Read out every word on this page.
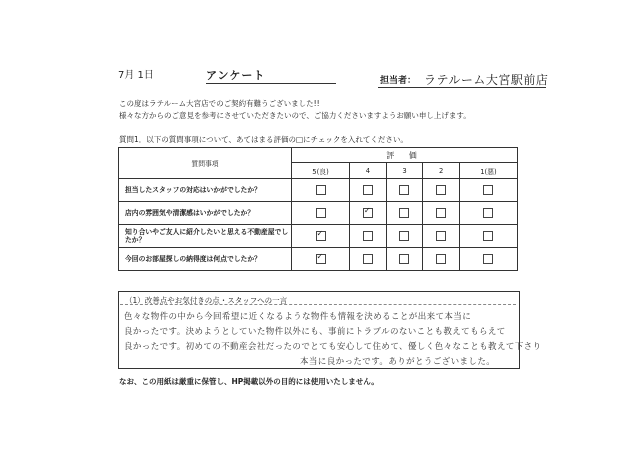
7月 1日	アンケート	担当者： ラテルーム大宮駅前店
この度はラテルーム大宮店でのご契約有難うございました!!
様々な方からのご意見を参考にさせていただきたいので、ご協力くださいますようお願い申し上げます。
質問1．以下の質問事項について、あてはまる評価の□にチェックを入れてください。
質問事項	評 価				
	5(良)	4	3	2	1(悪)
担当したスタッフの対応はいかがでしたか？					
店内の雰囲気や清潔感はいかがでしたか？		✓			
知り合いやご友人に紹介したいと思える不動産屋でしたか？	✓				
今回のお部屋探しの納得度は何点でしたか？	✓				
（1）改善点やお気付きの点・スタッフへの一言
色々な物件の中から今回希望に近くなるような物件も情報を決めることが出来て本当に
良かったです。決めようとしていた物件以外にも、事前にトラブルのないことも教えてもらえて
良かったです。初めての不動産会社だったのでとても安心して住めて、優しく色々なことも教えて下さり
本当に良かったです。ありがとうございました。
なお、この用紙は厳重に保管し、HP掲載以外の目的には使用いたしません。
